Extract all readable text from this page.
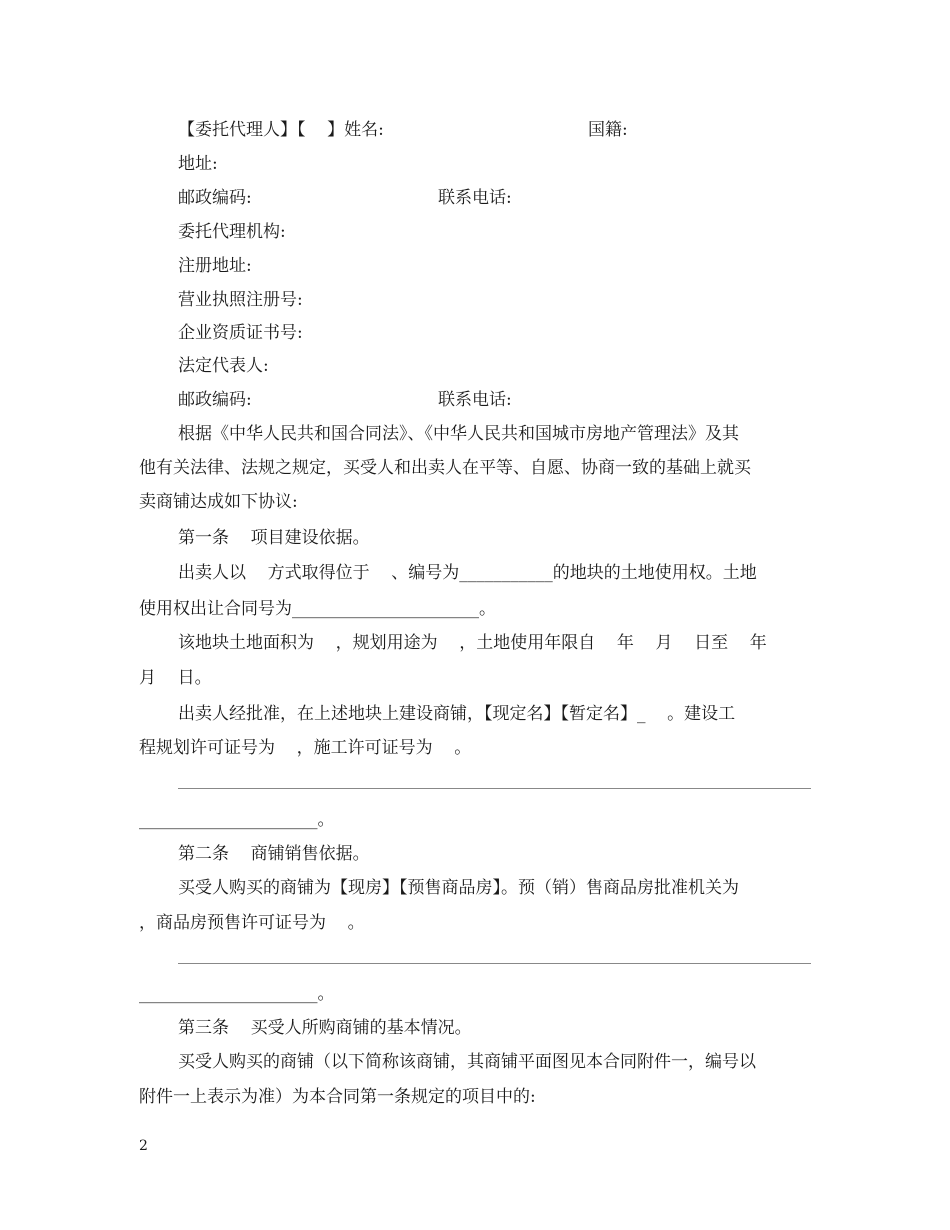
【委托代理人】【    】姓名:	国籍:
地址:
邮政编码:	联系电话:
委托代理机构:
注册地址:
营业执照注册号:
企业资质证书号:
法定代表人:
邮政编码:	联系电话:
根据《中华人民共和国合同法》、《中华人民共和国城市房地产管理法》及其
他有关法律、法规之规定，买受人和出卖人在平等、自愿、协商一致的基础上就买
卖商铺达成如下协议:
第一条    项目建设依据。
出卖人以    方式取得位于    、编号为___________的地块的土地使用权。土地
使用权出让合同号为______________________。
该地块土地面积为    ，规划用途为    ，土地使用年限自    年    月    日至    年
月    日。
出卖人经批准，在上述地块上建设商铺，【现定名】【暂定名】_    。建设工
程规划许可证号为    ，施工许可证号为    。
_____________________。
第二条    商铺销售依据。
买受人购买的商铺为【现房】【预售商品房】。预（销）售商品房批准机关为
，商品房预售许可证号为    。
_____________________。
第三条    买受人所购商铺的基本情况。
买受人购买的商铺（以下简称该商铺，其商铺平面图见本合同附件一，编号以
附件一上表示为准）为本合同第一条规定的项目中的:
2
